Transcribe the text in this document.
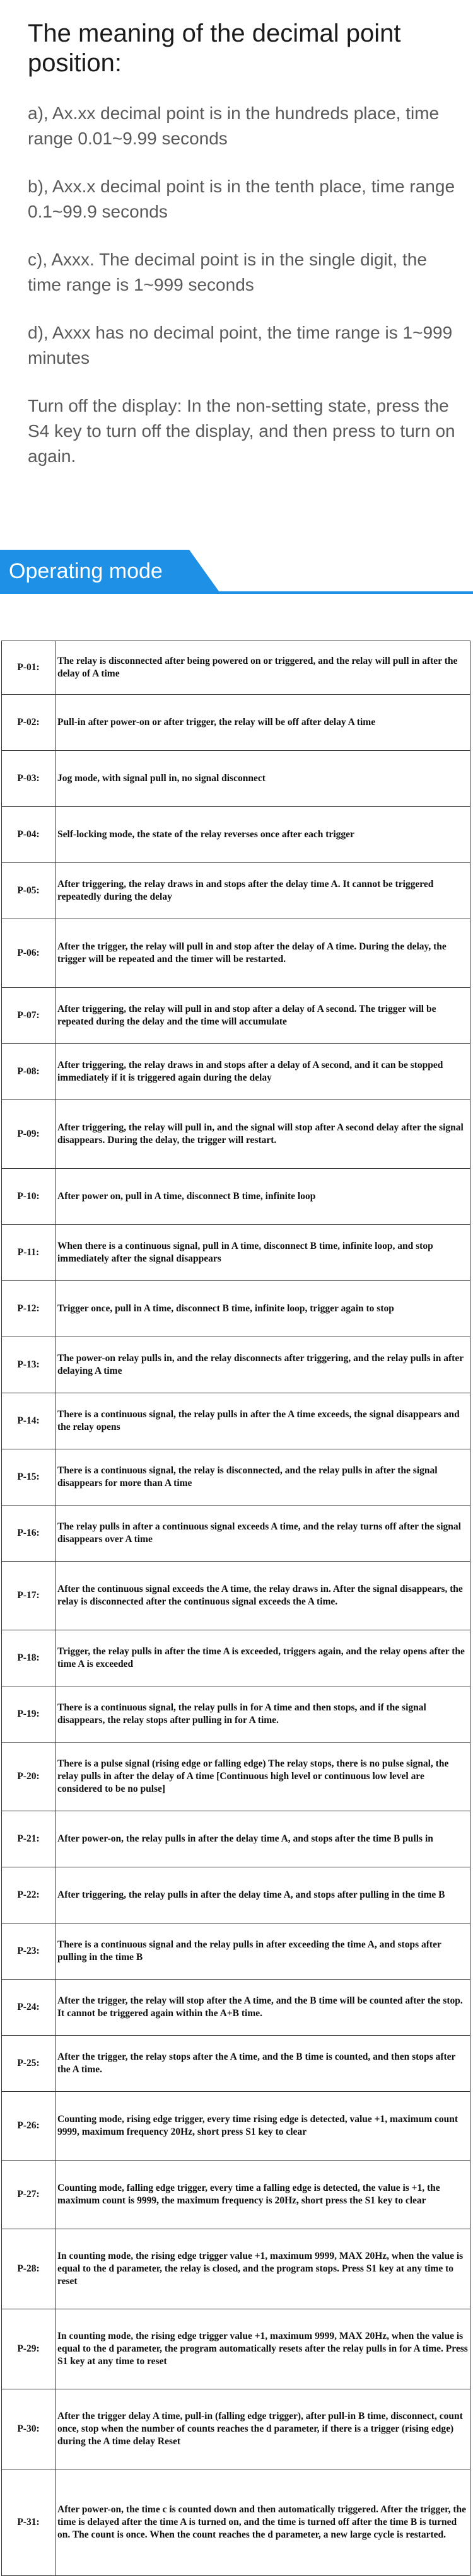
The meaning of the decimal point position:

a), Ax.xx decimal point is in the hundreds place, time range 0.01~9.99 seconds

b), Axx.x decimal point is in the tenth place, time range 0.1~99.9 seconds

c), Axxx. The decimal point is in the single digit, the time range is 1~999 seconds

d), Axxx has no decimal point, the time range is 1~999 minutes

Turn off the display: In the non-setting state, press the S4 key to turn off the display, and then press to turn on again.

Operating mode
P-01:	The relay is disconnected after being powered on or triggered, and the relay will pull in after the delay of A time
P-02:	Pull-in after power-on or after trigger, the relay will be off after delay A time
P-03:	Jog mode, with signal pull in, no signal disconnect
P-04:	Self-locking mode, the state of the relay reverses once after each trigger
P-05:	After triggering, the relay draws in and stops after the delay time A. It cannot be triggered repeatedly during the delay
P-06:	After the trigger, the relay will pull in and stop after the delay of A time. During the delay, the trigger will be repeated and the timer will be restarted.
P-07:	After triggering, the relay will pull in and stop after a delay of A second. The trigger will be repeated during the delay and the time will accumulate
P-08:	After triggering, the relay draws in and stops after a delay of A second, and it can be stopped immediately if it is triggered again during the delay
P-09:	After triggering, the relay will pull in, and the signal will stop after A second delay after the signal disappears. During the delay, the trigger will restart.
P-10:	After power on, pull in A time, disconnect B time, infinite loop
P-11:	When there is a continuous signal, pull in A time, disconnect B time, infinite loop, and stop immediately after the signal disappears
P-12:	Trigger once, pull in A time, disconnect B time, infinite loop, trigger again to stop
P-13:	The power-on relay pulls in, and the relay disconnects after triggering, and the relay pulls in after delaying A time
P-14:	There is a continuous signal, the relay pulls in after the A time exceeds, the signal disappears and the relay opens
P-15:	There is a continuous signal, the relay is disconnected, and the relay pulls in after the signal disappears for more than A time
P-16:	The relay pulls in after a continuous signal exceeds A time, and the relay turns off after the signal disappears over A time
P-17:	After the continuous signal exceeds the A time, the relay draws in. After the signal disappears, the relay is disconnected after the continuous signal exceeds the A time.
P-18:	Trigger, the relay pulls in after the time A is exceeded, triggers again, and the relay opens after the time A is exceeded
P-19:	There is a continuous signal, the relay pulls in for A time and then stops, and if the signal disappears, the relay stops after pulling in for A time.
P-20:	There is a pulse signal (rising edge or falling edge) The relay stops, there is no pulse signal, the relay pulls in after the delay of A time [Continuous high level or continuous low level are considered to be no pulse]
P-21:	After power-on, the relay pulls in after the delay time A, and stops after the time B pulls in
P-22:	After triggering, the relay pulls in after the delay time A, and stops after pulling in the time B
P-23:	There is a continuous signal and the relay pulls in after exceeding the time A, and stops after pulling in the time B
P-24:	After the trigger, the relay will stop after the A time, and the B time will be counted after the stop. It cannot be triggered again within the A+B time.
P-25:	After the trigger, the relay stops after the A time, and the B time is counted, and then stops after the A time.
P-26:	Counting mode, rising edge trigger, every time rising edge is detected, value +1, maximum count 9999, maximum frequency 20Hz, short press S1 key to clear
P-27:	Counting mode, falling edge trigger, every time a falling edge is detected, the value is +1, the maximum count is 9999, the maximum frequency is 20Hz, short press the S1 key to clear
P-28:	In counting mode, the rising edge trigger value +1, maximum 9999, MAX 20Hz, when the value is equal to the d parameter, the relay is closed, and the program stops. Press S1 key at any time to reset
P-29:	In counting mode, the rising edge trigger value +1, maximum 9999, MAX 20Hz, when the value is equal to the d parameter, the program automatically resets after the relay pulls in for A time. Press S1 key at any time to reset
P-30:	After the trigger delay A time, pull-in (falling edge trigger), after pull-in B time, disconnect, count once, stop when the number of counts reaches the d parameter, if there is a trigger (rising edge) during the A time delay Reset
P-31:	After power-on, the time c is counted down and then automatically triggered. After the trigger, the time is delayed after the time A is turned on, and the time is turned off after the time B is turned on. The count is once. When the count reaches the d parameter, a new large cycle is restarted.
